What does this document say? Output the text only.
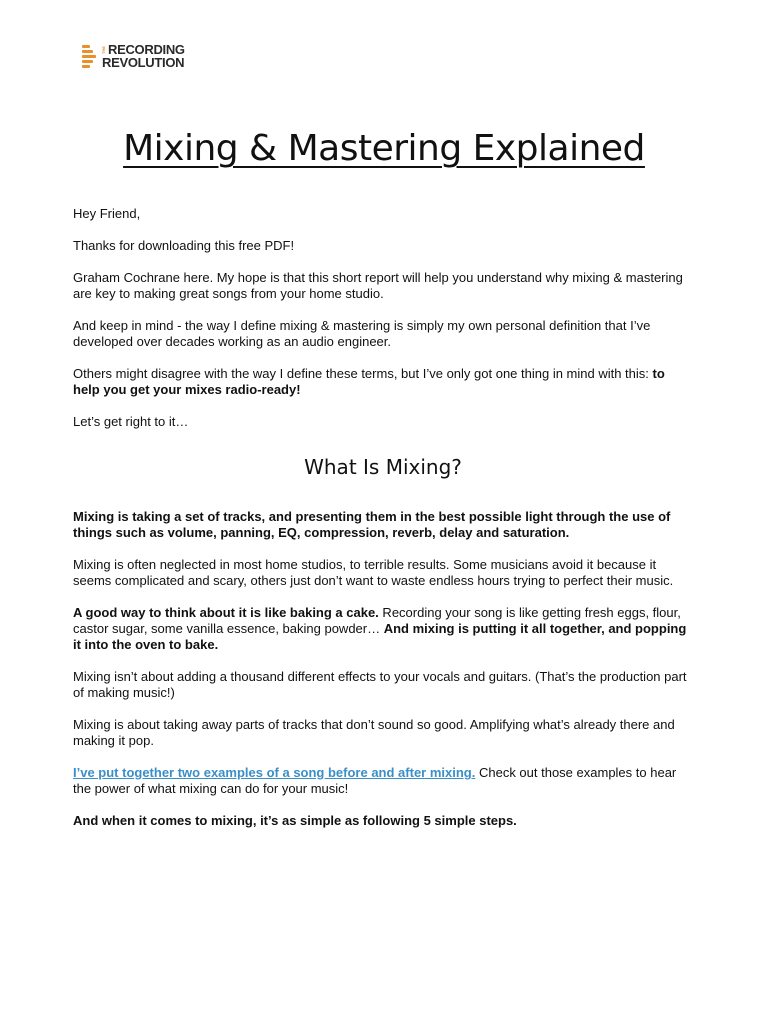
THE RECORDING
REVOLUTION
Mixing & Mastering Explained

Hey Friend,

Thanks for downloading this free PDF!

Graham Cochrane here. My hope is that this short report will help you understand why mixing & mastering are key to making great songs from your home studio.

And keep in mind - the way I define mixing & mastering is simply my own personal definition that I’ve developed over decades working as an audio engineer.

Others might disagree with the way I define these terms, but I’ve only got one thing in mind with this: to help you get your mixes radio-ready!

Let’s get right to it…

What Is Mixing?

Mixing is taking a set of tracks, and presenting them in the best possible light through the use of things such as volume, panning, EQ, compression, reverb, delay and saturation.

Mixing is often neglected in most home studios, to terrible results. Some musicians avoid it because it seems complicated and scary, others just don’t want to waste endless hours trying to perfect their music.

A good way to think about it is like baking a cake. Recording your song is like getting fresh eggs, flour, castor sugar, some vanilla essence, baking powder… And mixing is putting it all together, and popping it into the oven to bake.

Mixing isn’t about adding a thousand different effects to your vocals and guitars. (That’s the production part of making music!)

Mixing is about taking away parts of tracks that don’t sound so good. Amplifying what’s already there and making it pop.

I’ve put together two examples of a song before and after mixing. Check out those examples to hear the power of what mixing can do for your music!

And when it comes to mixing, it’s as simple as following 5 simple steps.
